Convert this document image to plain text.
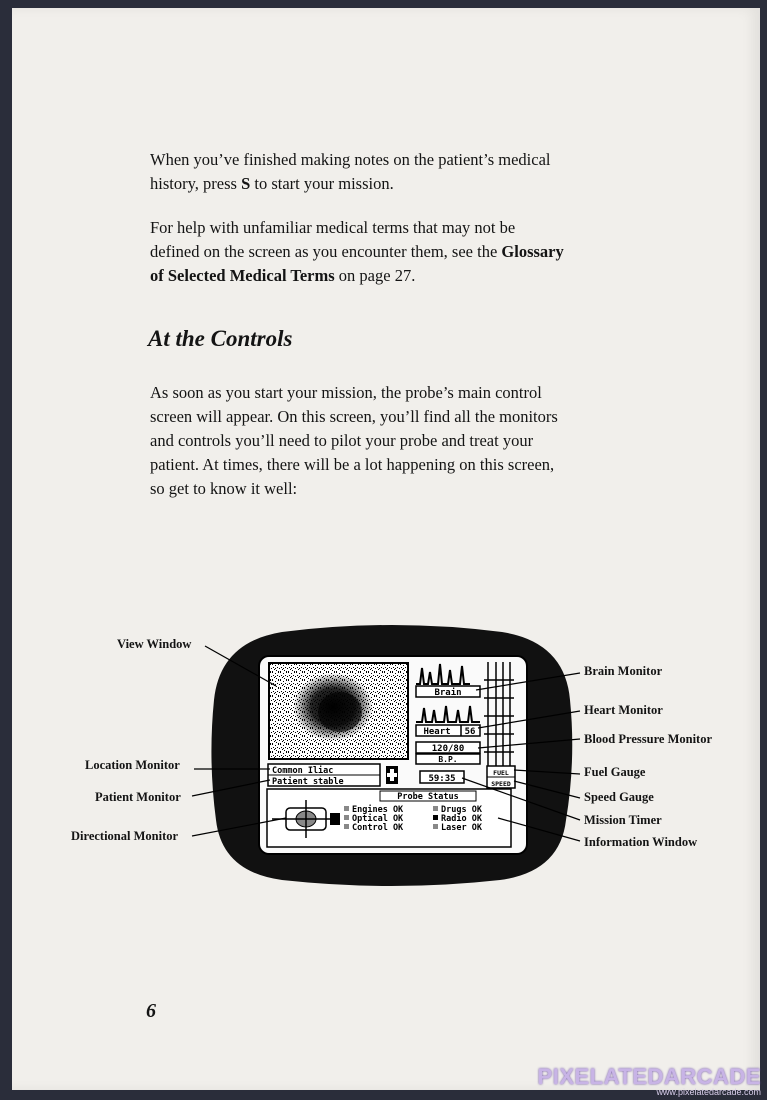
When you’ve finished making notes on the patient’s medical
history, press S to start your mission.
For help with unfamiliar medical terms that may not be
defined on the screen as you encounter them, see the Glossary
of Selected Medical Terms on page 27.
At the Controls
As soon as you start your mission, the probe’s main control
screen will appear. On this screen, you’ll find all the monitors
and controls you’ll need to pilot your probe and treat your
patient. At times, there will be a lot happening on this screen,
so get to know it well:
Brain
Heart 56
120/80
B.P.
FUEL
SPEED
59:35
Common Iliac
Patient stable
Probe Status
Engines OK
Optical OK
Control OK
Drugs OK
Radio OK
Laser OK
View Window
Location Monitor
Patient Monitor
Directional Monitor
Brain Monitor
Heart Monitor
Blood Pressure Monitor
Fuel Gauge
Speed Gauge
Mission Timer
Information Window
6
PIXELATEDARCADE
www.pixelatedarcade.com
